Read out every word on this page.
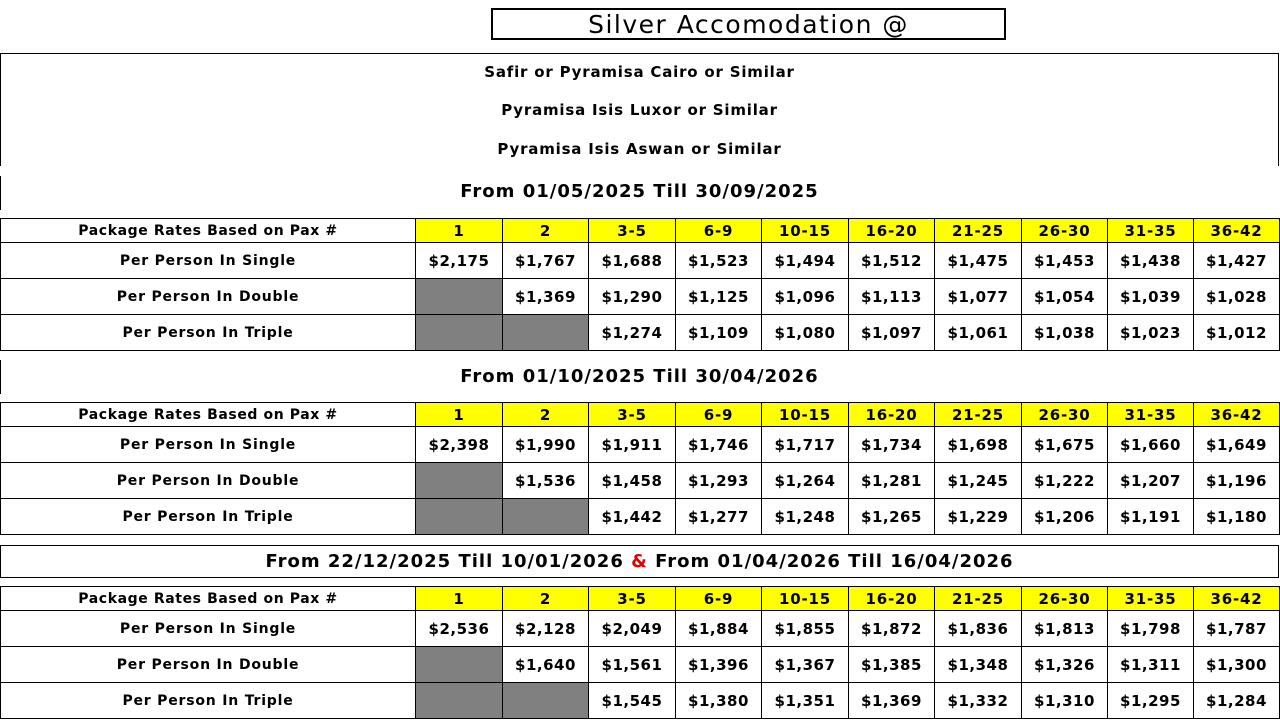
Silver Accomodation @
Safir or Pyramisa Cairo or Similar
Pyramisa Isis Luxor or Similar
Pyramisa Isis Aswan or Similar
From 01/05/2025 Till 30/09/2025
Package Rates Based on Pax #	1	2	3-5	6-9	10-15	16-20	21-25	26-30	31-35	36-42
Per Person In Single	$2,175	$1,767	$1,688	$1,523	$1,494	$1,512	$1,475	$1,453	$1,438	$1,427
Per Person In Double		$1,369	$1,290	$1,125	$1,096	$1,113	$1,077	$1,054	$1,039	$1,028
Per Person In Triple			$1,274	$1,109	$1,080	$1,097	$1,061	$1,038	$1,023	$1,012
From 01/10/2025 Till 30/04/2026
Package Rates Based on Pax #	1	2	3-5	6-9	10-15	16-20	21-25	26-30	31-35	36-42
Per Person In Single	$2,398	$1,990	$1,911	$1,746	$1,717	$1,734	$1,698	$1,675	$1,660	$1,649
Per Person In Double		$1,536	$1,458	$1,293	$1,264	$1,281	$1,245	$1,222	$1,207	$1,196
Per Person In Triple			$1,442	$1,277	$1,248	$1,265	$1,229	$1,206	$1,191	$1,180
From 22/12/2025 Till 10/01/2026 & From 01/04/2026 Till 16/04/2026
Package Rates Based on Pax #	1	2	3-5	6-9	10-15	16-20	21-25	26-30	31-35	36-42
Per Person In Single	$2,536	$2,128	$2,049	$1,884	$1,855	$1,872	$1,836	$1,813	$1,798	$1,787
Per Person In Double		$1,640	$1,561	$1,396	$1,367	$1,385	$1,348	$1,326	$1,311	$1,300
Per Person In Triple			$1,545	$1,380	$1,351	$1,369	$1,332	$1,310	$1,295	$1,284
